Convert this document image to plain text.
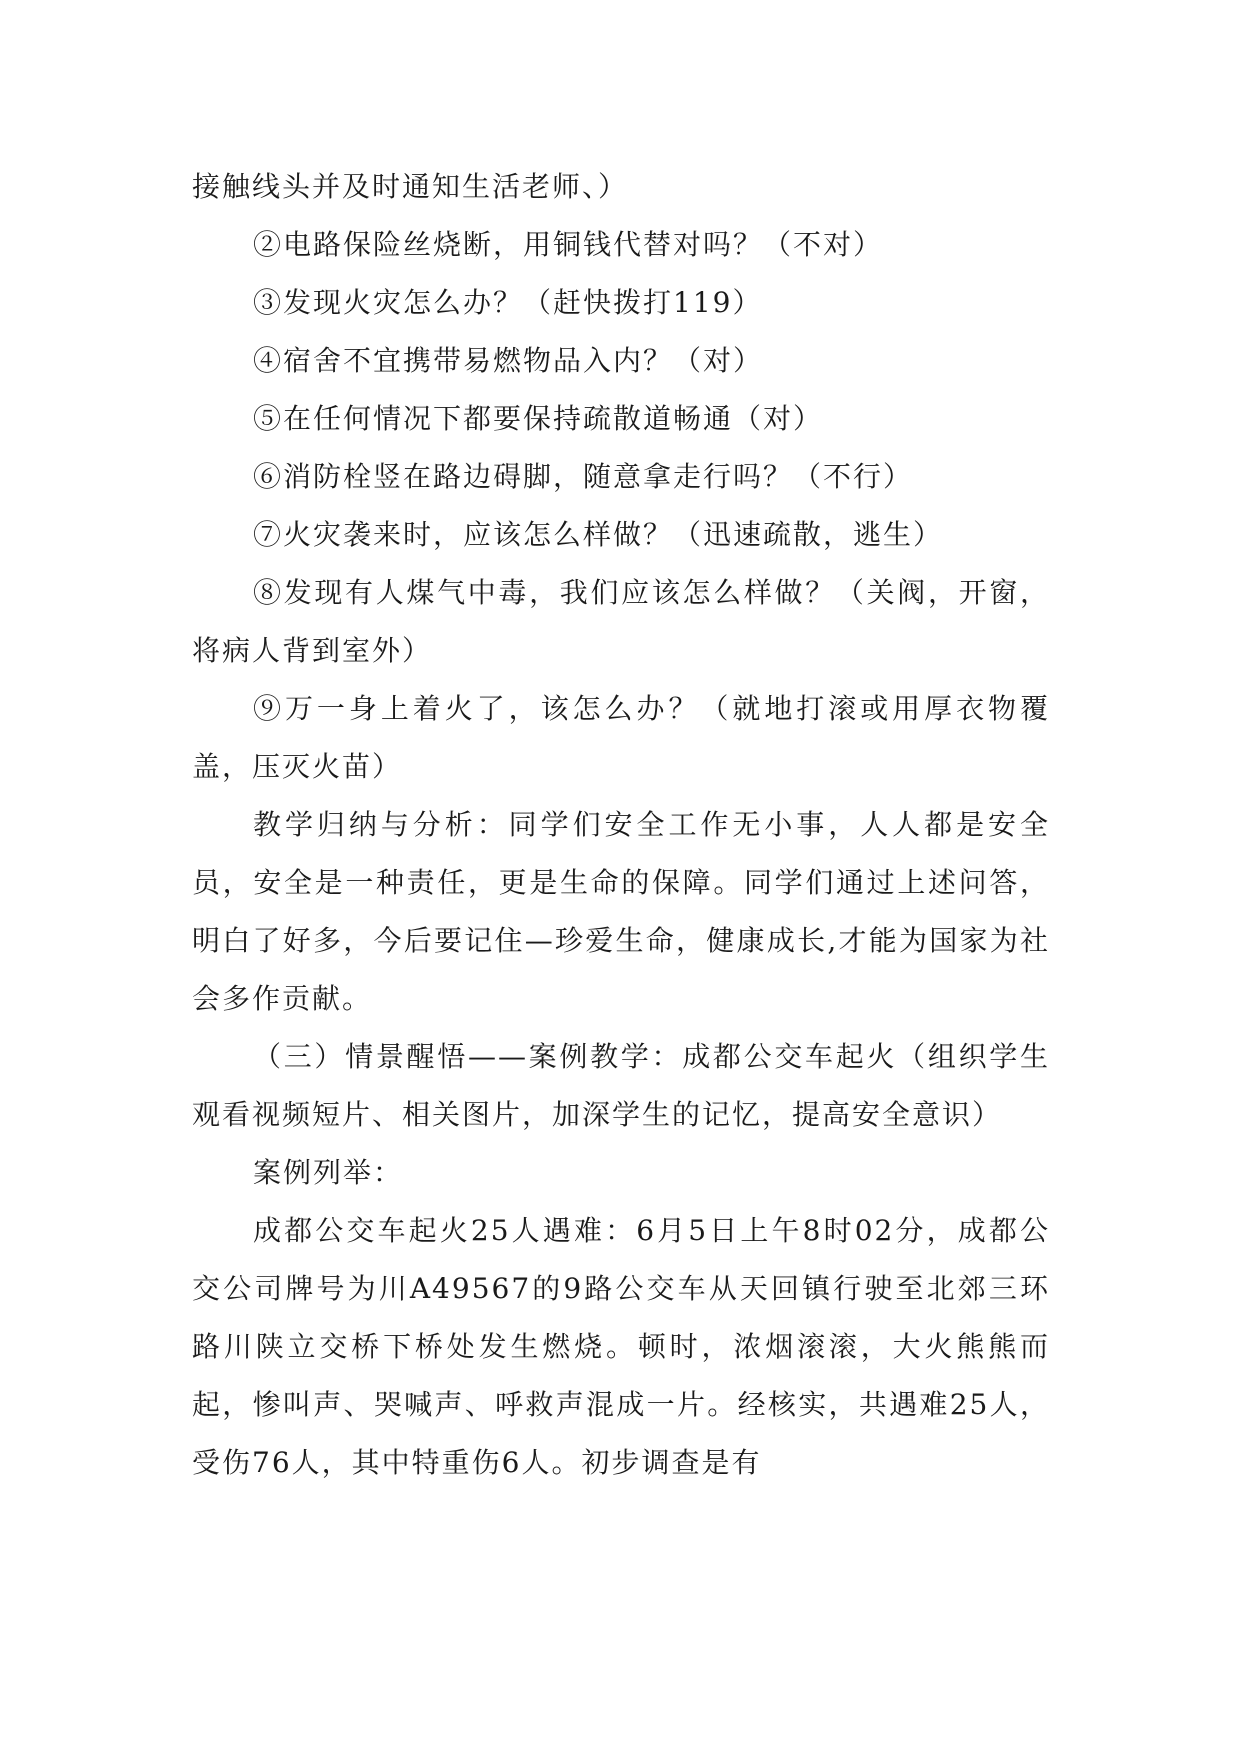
接触线头并及时通知生活老师、）

②电路保险丝烧断，用铜钱代替对吗？（不对）

③发现火灾怎么办？（赶快拨打119）

④宿舍不宜携带易燃物品入内？（对）

⑤在任何情况下都要保持疏散道畅通（对）

⑥消防栓竖在路边碍脚，随意拿走行吗？（不行）

⑦火灾袭来时，应该怎么样做？（迅速疏散，逃生）

⑧发现有人煤气中毒，我们应该怎么样做？（关阀，开窗，将病人背到室外）

⑨万一身上着火了，该怎么办？（就地打滚或用厚衣物覆盖，压灭火苗）

教学归纳与分析：同学们安全工作无小事，人人都是安全员，安全是一种责任，更是生命的保障。同学们通过上述问答，明白了好多，今后要记住—珍爱生命，健康成长,才能为国家为社会多作贡献。

（三）情景醒悟——案例教学：成都公交车起火（组织学生观看视频短片、相关图片，加深学生的记忆，提高安全意识）

案例列举：

成都公交车起火25人遇难：6月5日上午8时02分，成都公交公司牌号为川A49567的9路公交车从天回镇行驶至北郊三环路川陕立交桥下桥处发生燃烧。顿时，浓烟滚滚，大火熊熊而起，惨叫声、哭喊声、呼救声混成一片。经核实，共遇难25人，受伤76人，其中特重伤6人。初步调查是有
